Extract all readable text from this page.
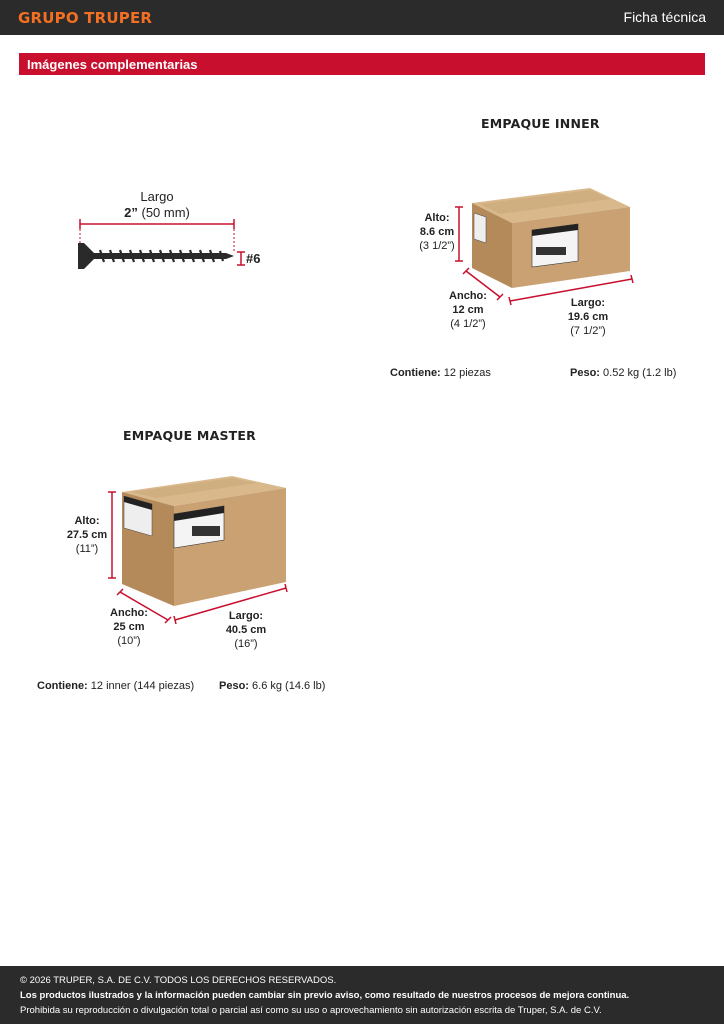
GRUPO TRUPER	Ficha técnica
Imágenes complementarias
Largo
2” (50 mm)
#6
EMPAQUE INNER
Alto:
8.6 cm
(3 1/2”)
Ancho:
12 cm
(4 1/2”)
Largo:
19.6 cm
(7 1/2”)
Contiene: 12 piezas	Peso: 0.52 kg (1.2 lb)
EMPAQUE MASTER
Alto:
27.5 cm
(11”)
Ancho:
25 cm
(10”)
Largo:
40.5 cm
(16”)
Contiene: 12 inner (144 piezas) Peso: 6.6 kg (14.6 lb)
© 2026 TRUPER, S.A. DE C.V. TODOS LOS DERECHOS RESERVADOS.
Los productos ilustrados y la información pueden cambiar sin previo aviso, como resultado de nuestros procesos de mejora continua.
Prohibida su reproducción o divulgación total o parcial así como su uso o aprovechamiento sin autorización escrita de Truper, S.A. de C.V.
